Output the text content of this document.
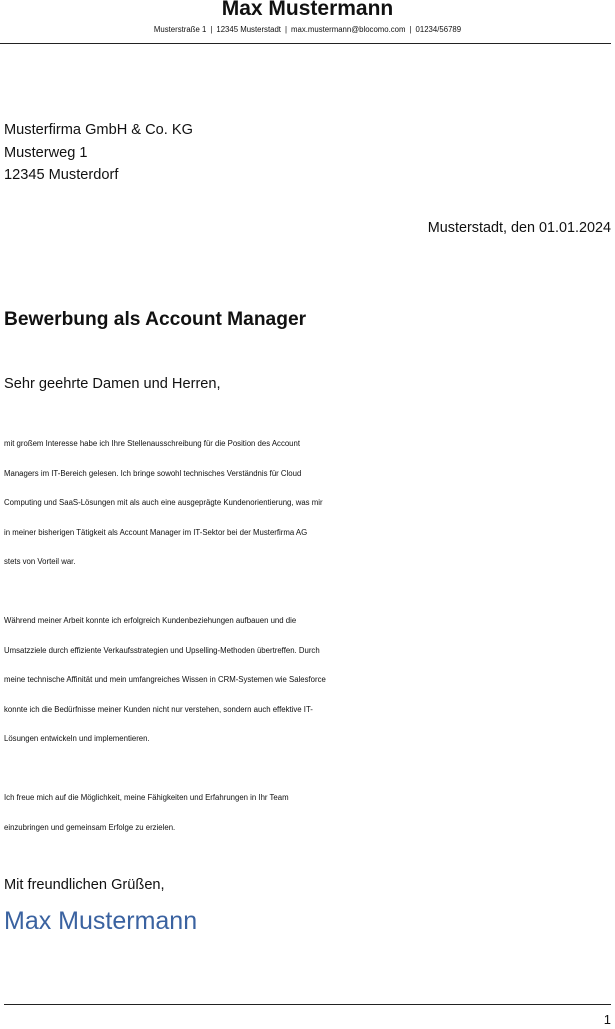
Max Mustermann
Musterstraße 1 | 12345 Musterstadt | max.mustermann@blocomo.com | 01234/56789
Musterfirma GmbH & Co. KG
Musterweg 1
12345 Musterdorf
Musterstadt, den 01.01.2024
Bewerbung als Account Manager
Sehr geehrte Damen und Herren,
mit großem Interesse habe ich Ihre Stellenausschreibung für die Position des Account
Managers im IT-Bereich gelesen. Ich bringe sowohl technisches Verständnis für Cloud
Computing und SaaS-Lösungen mit als auch eine ausgeprägte Kundenorientierung, was mir
in meiner bisherigen Tätigkeit als Account Manager im IT-Sektor bei der Musterfirma AG
stets von Vorteil war.
Während meiner Arbeit konnte ich erfolgreich Kundenbeziehungen aufbauen und die
Umsatzziele durch effiziente Verkaufsstrategien und Upselling-Methoden übertreffen. Durch
meine technische Affinität und mein umfangreiches Wissen in CRM-Systemen wie Salesforce
konnte ich die Bedürfnisse meiner Kunden nicht nur verstehen, sondern auch effektive IT-
Lösungen entwickeln und implementieren.
Ich freue mich auf die Möglichkeit, meine Fähigkeiten und Erfahrungen in Ihr Team
einzubringen und gemeinsam Erfolge zu erzielen.
Mit freundlichen Grüßen,
Max Mustermann
1
